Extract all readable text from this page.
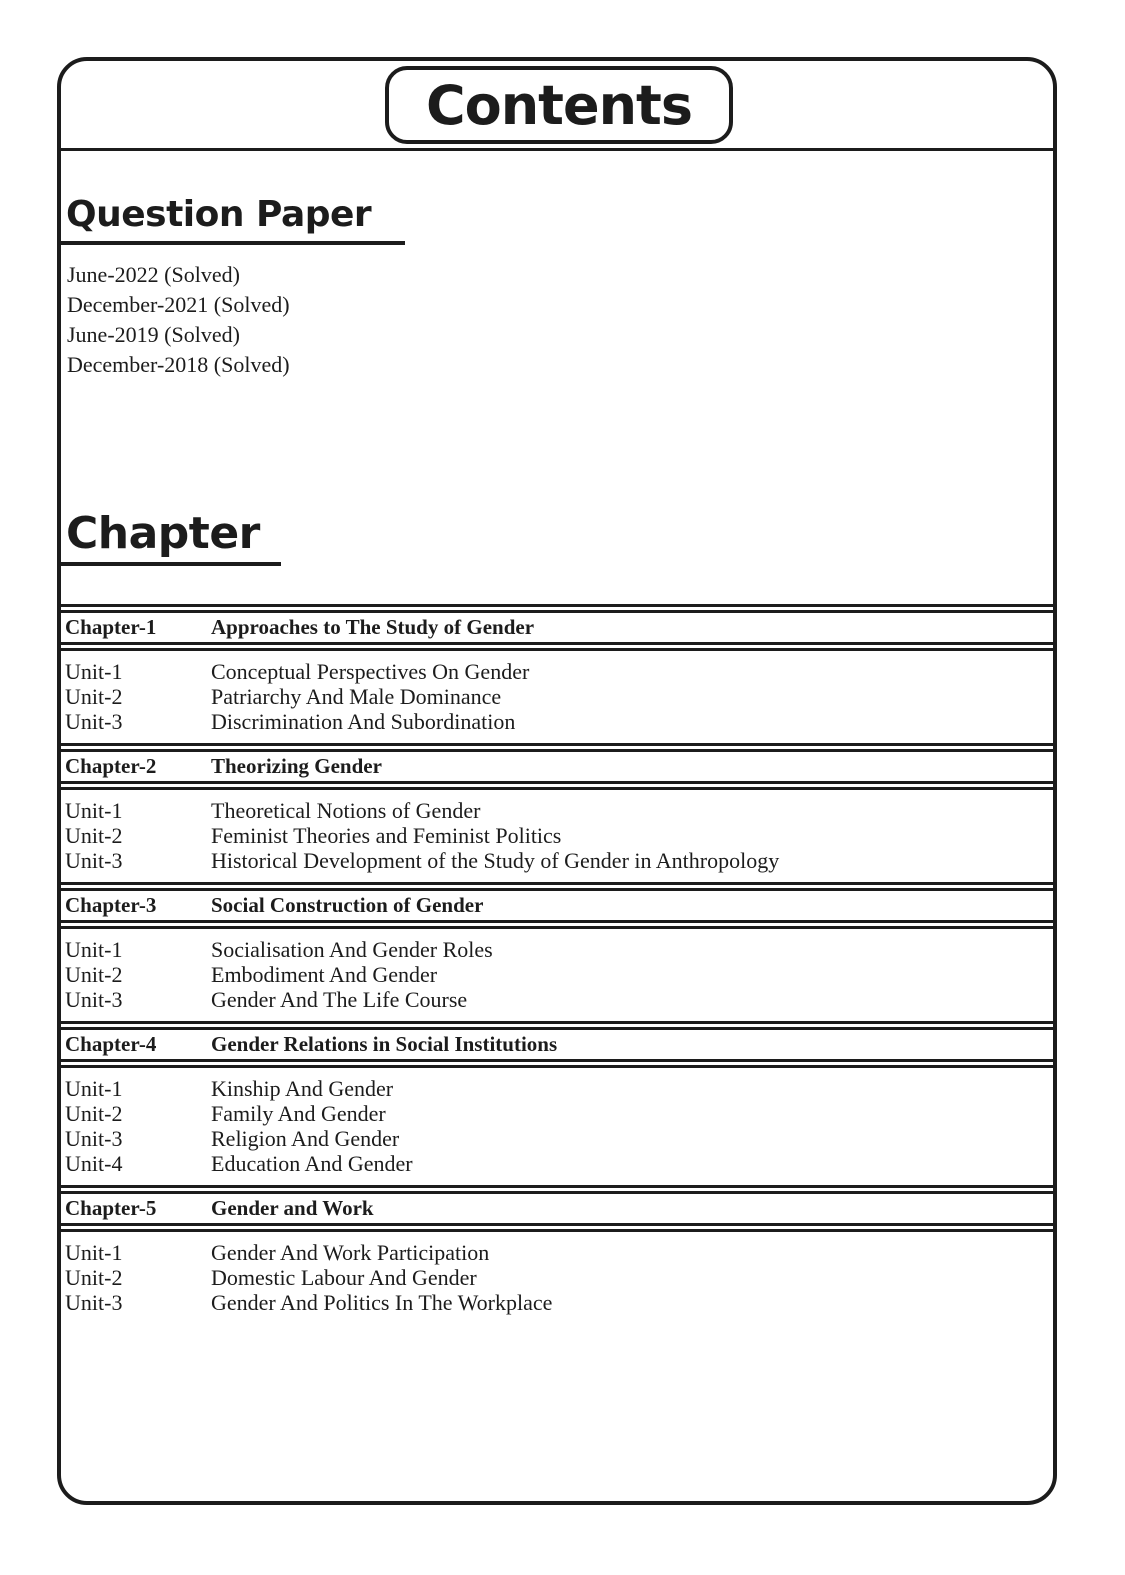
Contents
Question Paper
June-2022 (Solved)
December-2021 (Solved)
June-2019 (Solved)
December-2018 (Solved)
Chapter
Chapter-1	Approaches to The Study of Gender
Unit-1	Conceptual Perspectives On Gender
Unit-2	Patriarchy And Male Dominance
Unit-3	Discrimination And Subordination
Chapter-2	Theorizing Gender
Unit-1	Theoretical Notions of Gender
Unit-2	Feminist Theories and Feminist Politics
Unit-3	Historical Development of the Study of Gender in Anthropology
Chapter-3	Social Construction of Gender
Unit-1	Socialisation And Gender Roles
Unit-2	Embodiment And Gender
Unit-3	Gender And The Life Course
Chapter-4	Gender Relations in Social Institutions
Unit-1	Kinship And Gender
Unit-2	Family And Gender
Unit-3	Religion And Gender
Unit-4	Education And Gender
Chapter-5	Gender and Work
Unit-1	Gender And Work Participation
Unit-2	Domestic Labour And Gender
Unit-3	Gender And Politics In The Workplace
